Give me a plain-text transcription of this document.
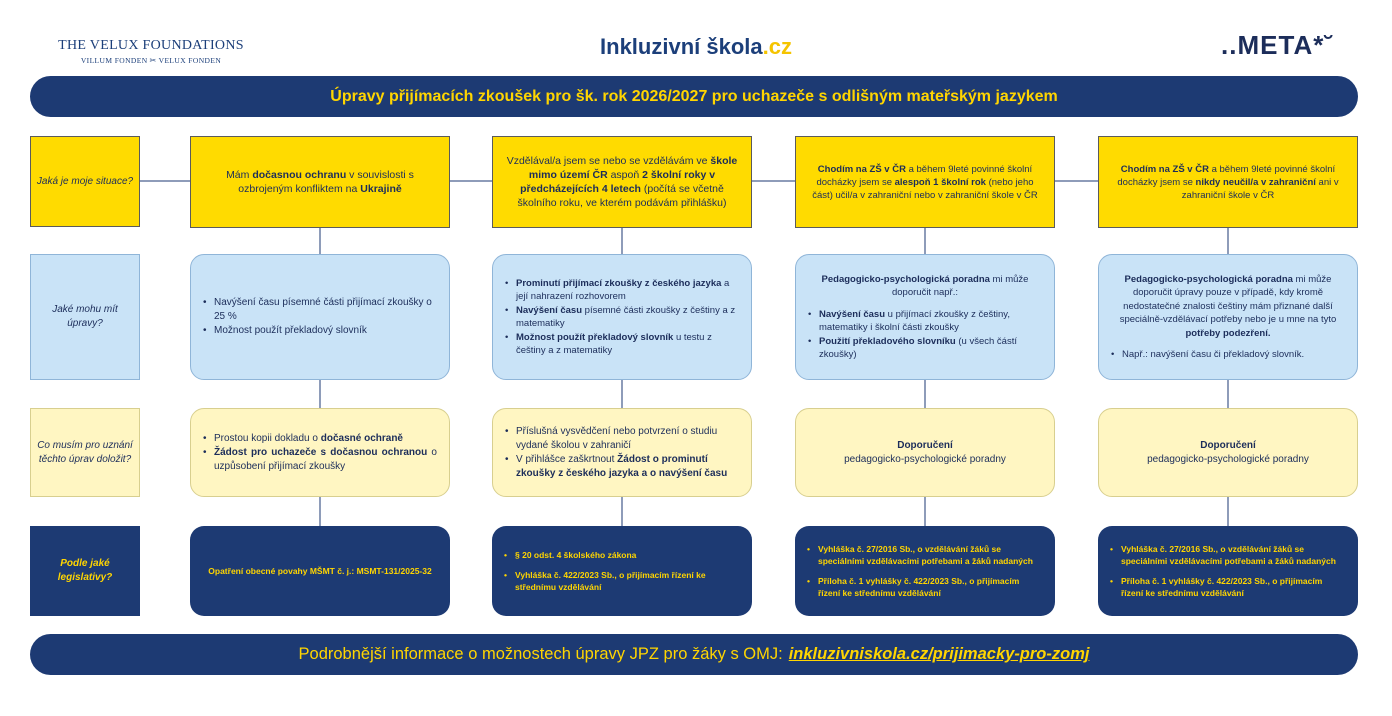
THE VELUX FOUNDATIONS
VILLUM FONDEN ✂ VELUX FONDEN
Inkluzivní škola.cz	..META*˘
Úpravy přijímacích zkoušek pro šk. rok 2026/2027 pro uchazeče s odlišným mateřským jazykem
Jaká je moje situace?
Jaké mohu mít úpravy?
Co musím pro uznání těchto úprav doložit?
Podle jaké legislativy?
Mám dočasnou ochranu v souvislosti s ozbrojeným konfliktem na Ukrajině
Vzdělával/a jsem se nebo se vzdělávám ve škole mimo území ČR aspoň 2 školní roky v předcházejících 4 letech (počítá se včetně školního roku, ve kterém podávám přihlášku)
Chodím na ZŠ v ČR a během 9leté povinné školní docházky jsem se alespoň 1 školní rok (nebo jeho část) učil/a v zahraniční nebo v zahraniční škole v ČR
Chodím na ZŠ v ČR a během 9leté povinné školní docházky jsem se nikdy neučil/a v zahraniční ani v zahraniční škole v ČR
• Navýšení času písemné části přijímací zkoušky o 25 %
• Možnost použít překladový slovník
• Prominutí přijímací zkoušky z českého jazyka a její nahrazení rozhovorem
• Navýšení času písemné části zkoušky z češtiny a z matematiky
• Možnost použít překladový slovník u testu z češtiny a z matematiky
Pedagogicko-psychologická poradna mi může doporučit např.:
• Navýšení času u přijímací zkoušky z češtiny, matematiky i školní části zkoušky
• Použití překladového slovníku (u všech částí zkoušky)
Pedagogicko-psychologická poradna mi může doporučit úpravy pouze v případě, kdy kromě nedostatečné znalosti češtiny mám přiznané další speciálně-vzdělávací potřeby nebo je u mne na tyto potřeby podezření.
• Např.: navýšení času či překladový slovník.
• Prostou kopii dokladu o dočasné ochraně
• Žádost pro uchazeče s dočasnou ochranou o uzpůsobení přijímací zkoušky
• Příslušná vysvědčení nebo potvrzení o studiu vydané školou v zahraničí
• V přihlášce zaškrtnout Žádost o prominutí zkoušky z českého jazyka a o navýšení času
Doporučení
pedagogicko-psychologické poradny
Doporučení
pedagogicko-psychologické poradny
Opatření obecné povahy MŠMT č. j.: MSMT-131/2025-32
• § 20 odst. 4 školského zákona
• Vyhláška č. 422/2023 Sb., o přijímacím řízení ke střednímu vzdělávání
• Vyhláška č. 27/2016 Sb., o vzdělávání žáků se speciálními vzdělávacími potřebami a žáků nadaných
• Příloha č. 1 vyhlášky č. 422/2023 Sb., o přijímacím řízení ke střednímu vzdělávání
• Vyhláška č. 27/2016 Sb., o vzdělávání žáků se speciálními vzdělávacími potřebami a žáků nadaných
• Příloha č. 1 vyhlášky č. 422/2023 Sb., o přijímacím řízení ke střednímu vzdělávání
Podrobnější informace o možnostech úpravy JPZ pro žáky s OMJ: inkluzivniskola.cz/prijimacky-pro-zomj
